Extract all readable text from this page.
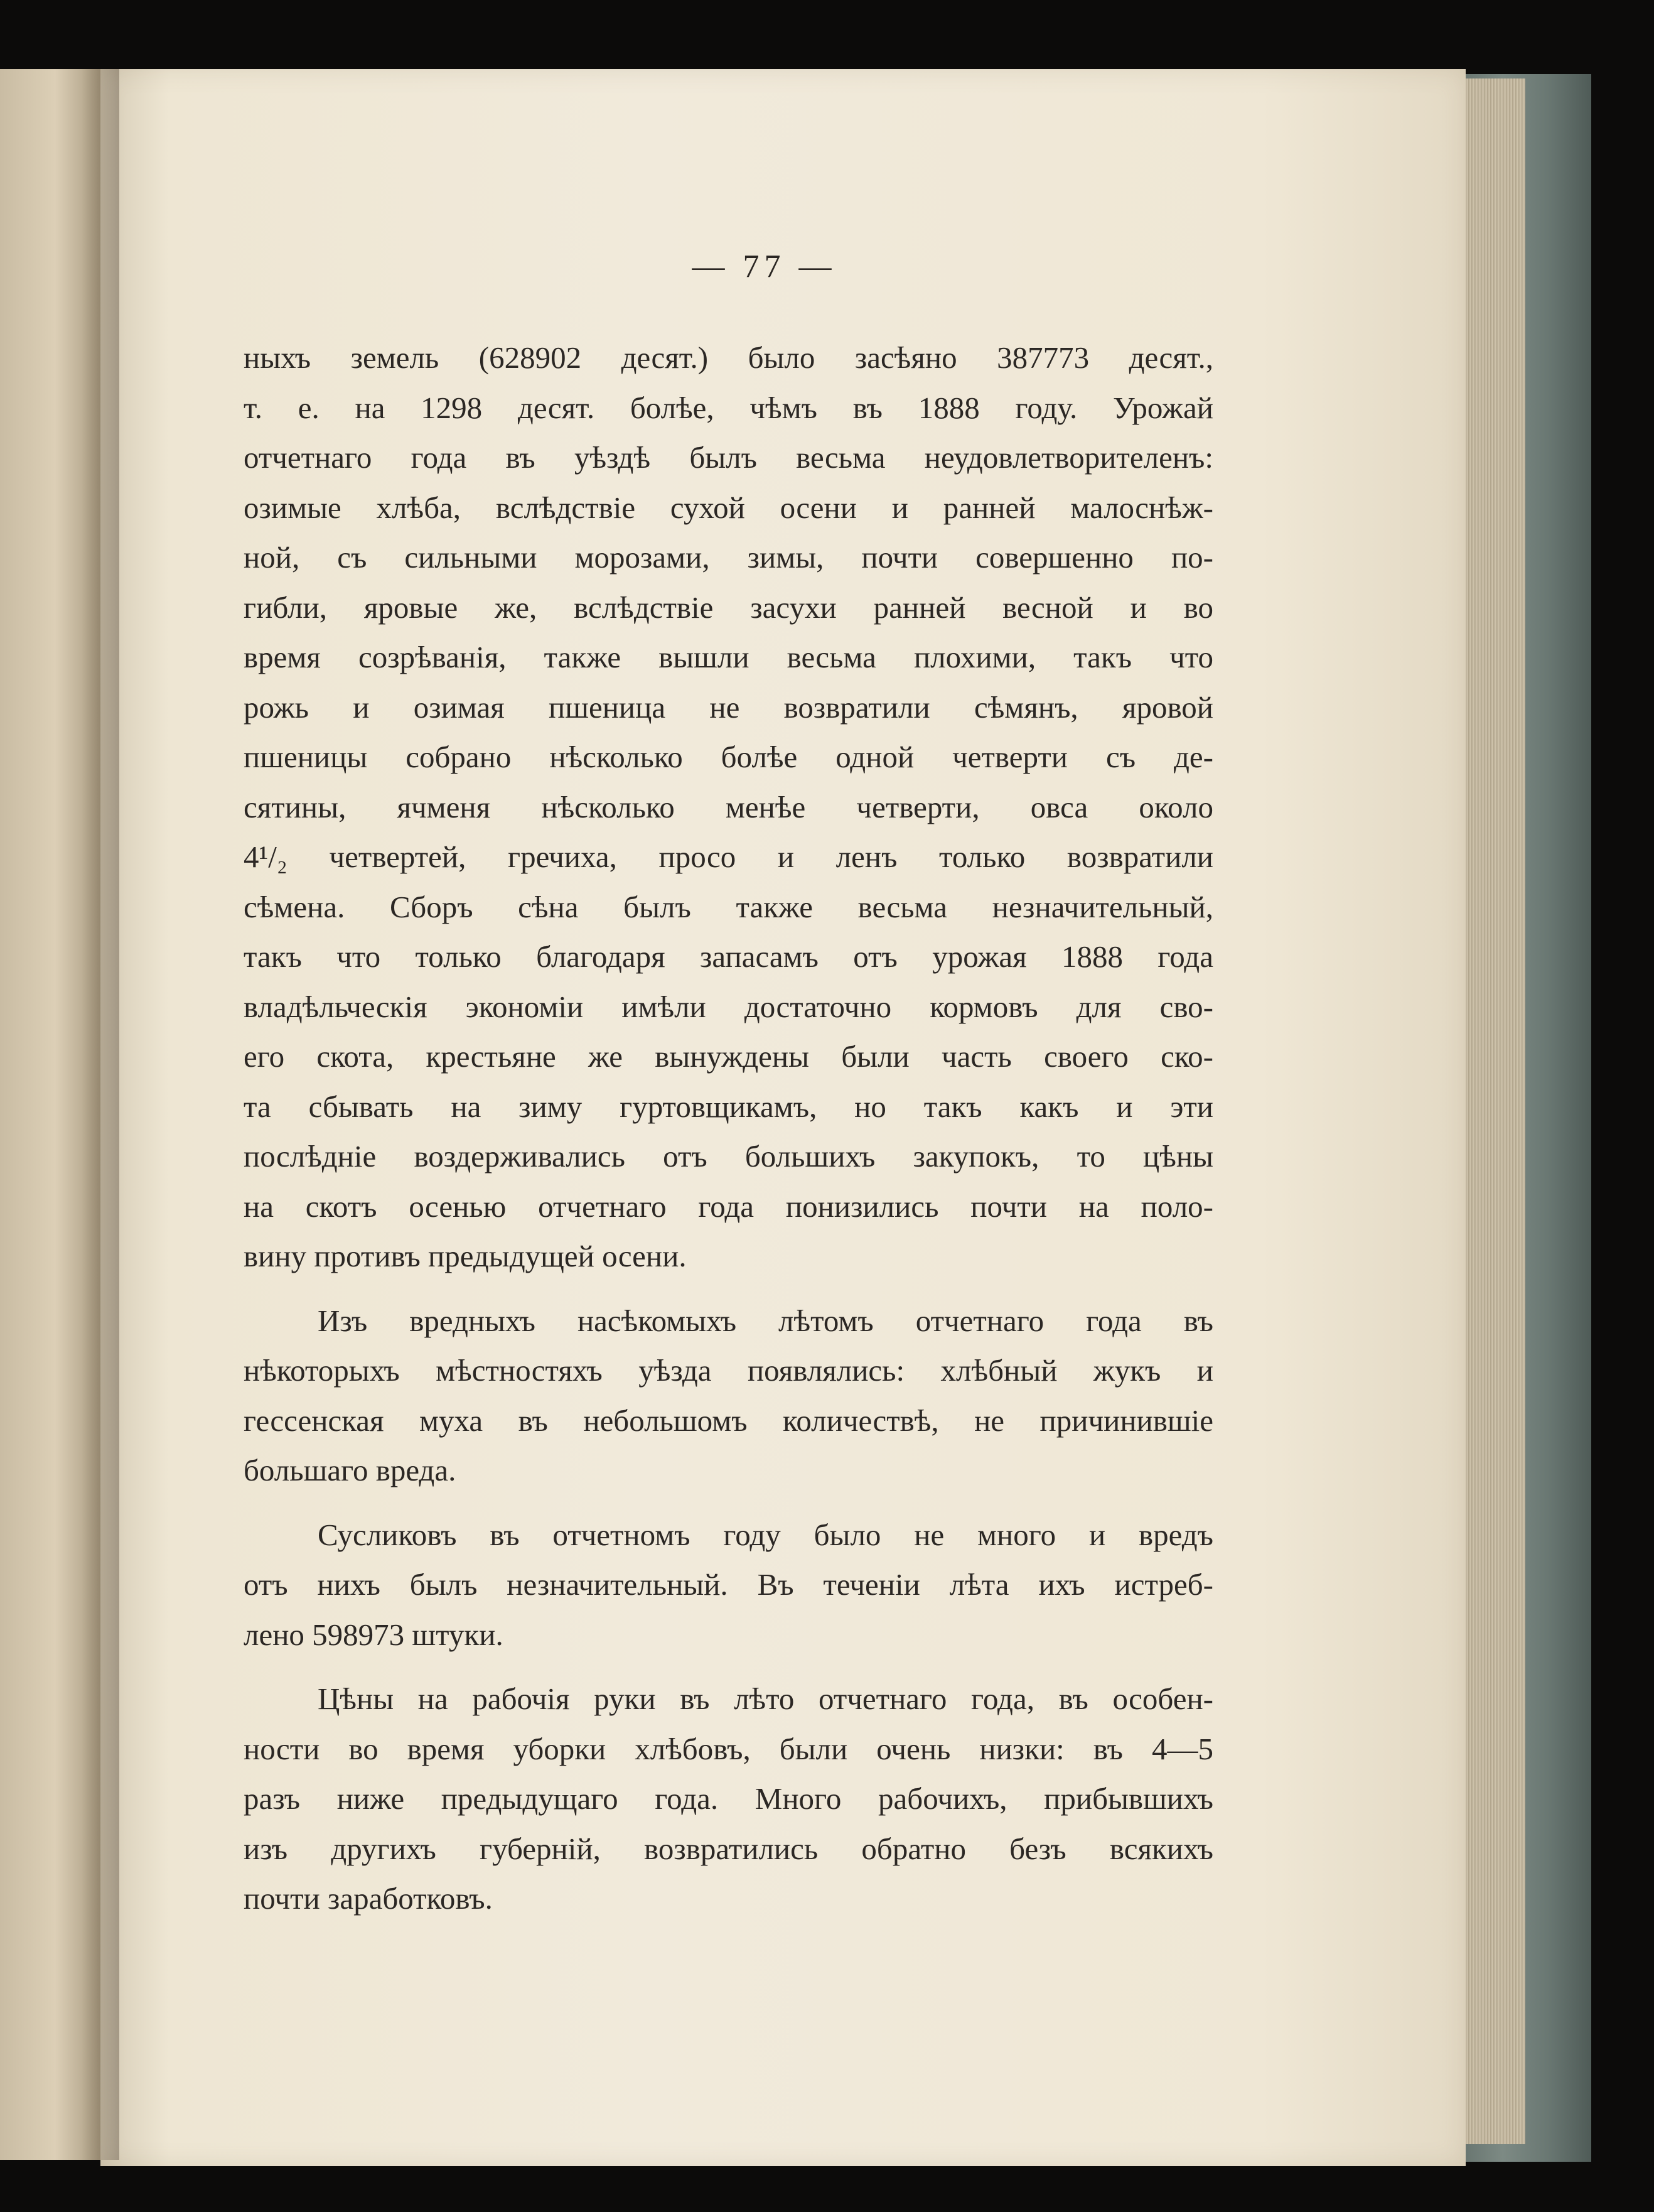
— 77 —
ныхъ земель (628902 десят.) было засѣяно 387773 десят.,
т. е. на 1298 десят. болѣе, чѣмъ въ 1888 году. Урожай
отчетнаго года въ уѣздѣ былъ весьма неудовлетворителенъ:
озимые хлѣба, вслѣдствіе сухой осени и ранней малоснѣж-
ной, съ сильными морозами, зимы, почти совершенно по-
гибли, яровые же, вслѣдствіе засухи ранней весной и во
время созрѣванія, также вышли весьма плохими, такъ что
рожь и озимая пшеница не возвратили сѣмянъ, яровой
пшеницы собрано нѣсколько болѣе одной четверти съ де-
сятины, ячменя нѣсколько менѣе четверти, овса около
4¹/₂ четвертей, гречиха, просо и ленъ только возвратили
сѣмена. Сборъ сѣна былъ также весьма незначительный,
такъ что только благодаря запасамъ отъ урожая 1888 года
владѣльческія экономіи имѣли достаточно кормовъ для сво-
его скота, крестьяне же вынуждены были часть своего ско-
та сбывать на зиму гуртовщикамъ, но такъ какъ и эти
послѣдніе воздерживались отъ большихъ закупокъ, то цѣны
на скотъ осенью отчетнаго года понизились почти на поло-
вину противъ предыдущей осени.
Изъ вредныхъ насѣкомыхъ лѣтомъ отчетнаго года въ
нѣкоторыхъ мѣстностяхъ уѣзда появлялись: хлѣбный жукъ и
гессенская муха въ небольшомъ количествѣ, не причинившіе
большаго вреда.
Сусликовъ въ отчетномъ году было не много и вредъ
отъ нихъ былъ незначительный. Въ теченіи лѣта ихъ истреб-
лено 598973 штуки.
Цѣны на рабочія руки въ лѣто отчетнаго года, въ особен-
ности во время уборки хлѣбовъ, были очень низки: въ 4—5
разъ ниже предыдущаго года. Много рабочихъ, прибывшихъ
изъ другихъ губерній, возвратились обратно безъ всякихъ
почти заработковъ.
